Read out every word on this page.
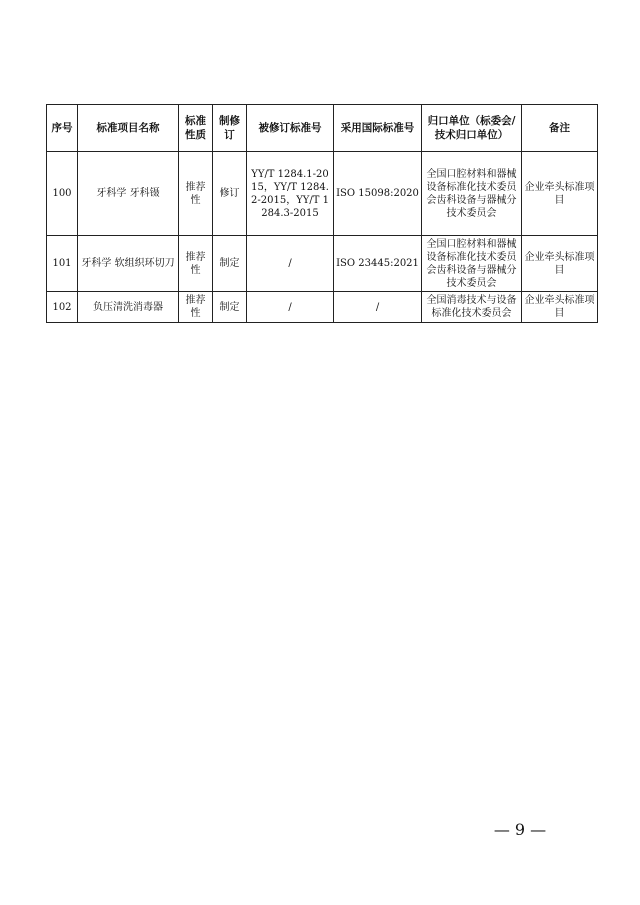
序号	标准项目名称	标准性质	制修订	被修订标准号	采用国际标准号	归口单位（标委会/技术归口单位）	备注
100	牙科学 牙科镊	推荐性	修订	YY/T 1284.1-2015，YY/T 1284.2-2015，YY/T 1284.3-2015	ISO 15098:2020	全国口腔材料和器械设备标准化技术委员会齿科设备与器械分技术委员会	企业牵头标准项目
101	牙科学 软组织环切刀	推荐性	制定	/	ISO 23445:2021	全国口腔材料和器械设备标准化技术委员会齿科设备与器械分技术委员会	企业牵头标准项目
102	负压清洗消毒器	推荐性	制定	/	/	全国消毒技术与设备标准化技术委员会	企业牵头标准项目
— 9 —
